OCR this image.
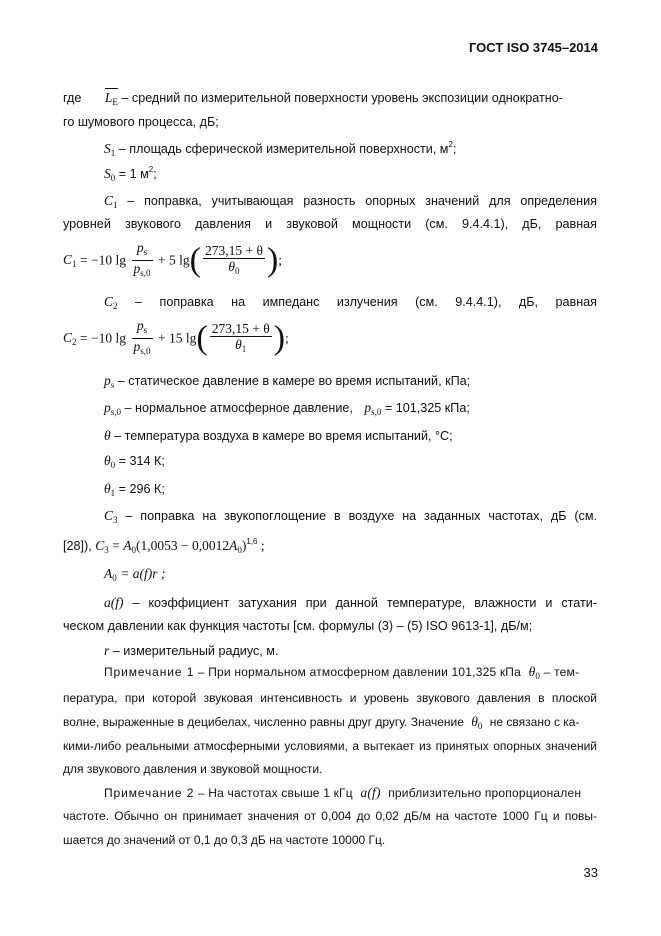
ГОСТ ISO 3745–2014
где $L_E$ – средний по измерительной поверхности уровень экспозиции однократно-
го шумового процесса, дБ;
$S_1$ – площадь сферической измерительной поверхности, $м^2$;
$S_0 = 1$ $м^2$;
$C_1$ – поправка, учитывающая разность опорных значений для определения
уровней звукового давления и звуковой мощности (см. 9.4.4.1), дБ, равная
$C_1 = -10$ $\lg \frac{p_s}{p_{s,0}} + 5$ $\lg( \frac{273,15 + \theta}{\theta_0}$ );
$C_2$ – поправка на импеданс излучения (см. 9.4.4.1), дБ, равная
$C_2 = -10$ $\lg \frac{p_s}{p_{s,0}} + 15$ $\lg( \frac{273,15 + \theta}{\theta_1}$ );
$p_s$ – статическое давление в камере во время испытаний, кПа;
$p_{s,0}$ – нормальное атмосферное давление, $p_{s,0} = 101,325$ кПа;
θ – температура воздуха в камере во время испытаний, °С;
$\theta_0 = 314$ К;
$\theta_1 = 296$ К;
$C_3$ – поправка на звукопоглощение в воздухе на заданных частотах, дБ (см.
[28]), $C_3 = A_0(1,0053 - 0,0012A_0)^{1,6}$ ;
$A_0 = a(f)r$ ;
a(f) – коэффициент затухания при данной температуре, влажности и стати-
ческом давлении как функция частоты [см. формулы (3) – (5) ISO 9613-1], дБ/м;
r – измерительный радиус, м.
Примечание 1 – При нормальном атмосферном давлении 101,325 кПа $\theta_0 - тем-$
пература, при которой звуковая интенсивность и уровень звукового давления в плоской
волне, выраженные в децибелах, численно равны друг другу. Значение $\theta_0$ не связано с ка-
кими-либо реальными атмосферными условиями, а вытекает из принятых опорных значений
для звукового давления и звуковой мощности.
Примечание 2 – На частотах свыше 1 кГц a(f) приблизительно пропорционален
частоте. Обычно он принимает значения от 0,004 до 0,02 дБ/м на частоте 1000 Гц и повы-
шается до значений от 0,1 до 0,3 дБ на частоте 10000 Гц.
33
